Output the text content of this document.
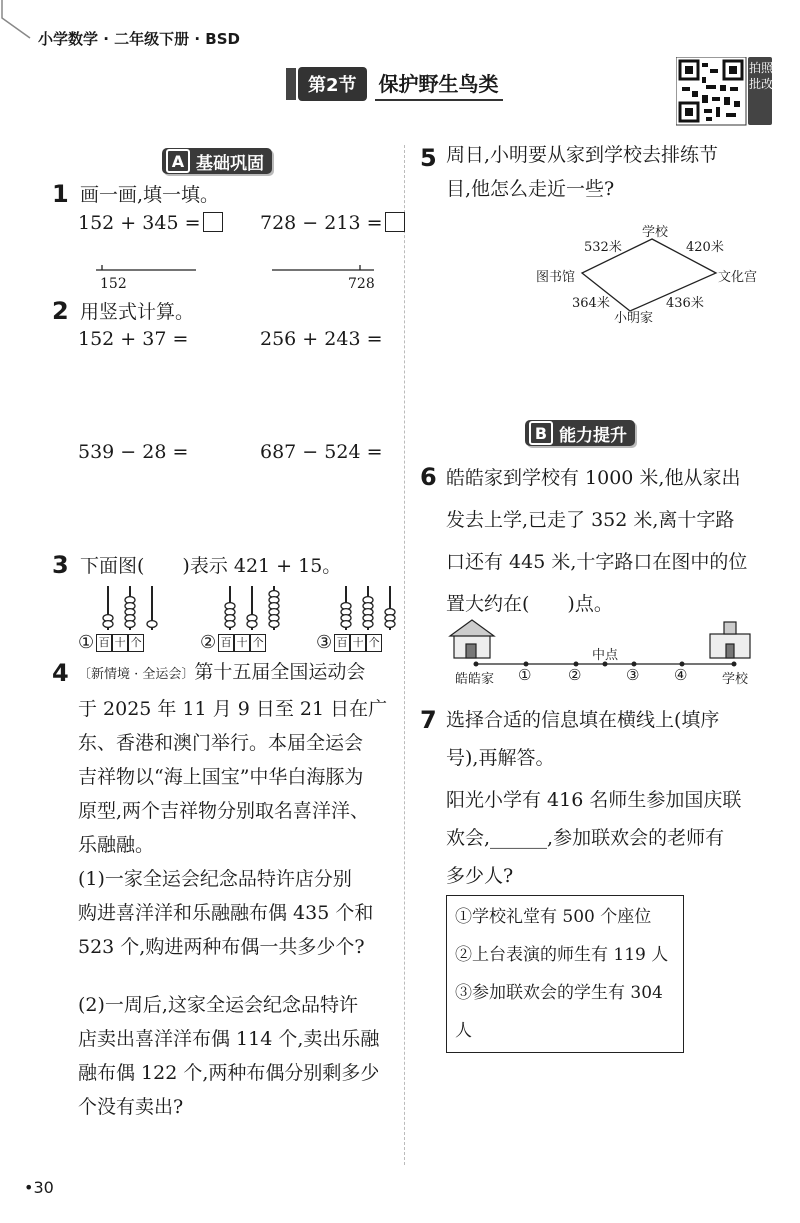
小学数学 · 二年级下册 · BSD
第2节	保护野生鸟类
拍照批改
A 基础巩固
1 画一画,填一填。
152 + 345 =	728 − 213 =
152	728
2 用竖式计算。
152 + 37 =	256 + 243 =
539 − 28 =	687 − 524 =
3 下面图(　　)表示 421 + 15。
① 百 十 个	② 百 十 个	③ 百 十 个
4 〔新情境 · 全运会〕第十五届全国运动会
于 2025 年 11 月 9 日至 21 日在广
东、香港和澳门举行。本届全运会
吉祥物以“海上国宝”中华白海豚为
原型,两个吉祥物分别取名喜洋洋、
乐融融。
(1)一家全运会纪念品特许店分别
购进喜洋洋和乐融融布偶 435 个和
523 个,购进两种布偶一共多少个?
(2)一周后,这家全运会纪念品特许
店卖出喜洋洋布偶 114 个,卖出乐融
融布偶 122 个,两种布偶分别剩多少
个没有卖出?
5 周日,小明要从家到学校去排练节
目,他怎么走近一些?
学校
图书馆	文化宫
小明家
532米	420米
364米	436米
B 能力提升
6 皓皓家到学校有 1000 米,他从家出
发去上学,已走了 352 米,离十字路
口还有 445 米,十字路口在图中的位
置大约在(　　)点。
中点
皓皓家 ① ②	③ ④	学校
7 选择合适的信息填在横线上(填序
号),再解答。
阳光小学有 416 名师生参加国庆联
欢会,______,参加联欢会的老师有
多少人?
①学校礼堂有 500 个座位
②上台表演的师生有 119 人
③参加联欢会的学生有 304 人
•30
